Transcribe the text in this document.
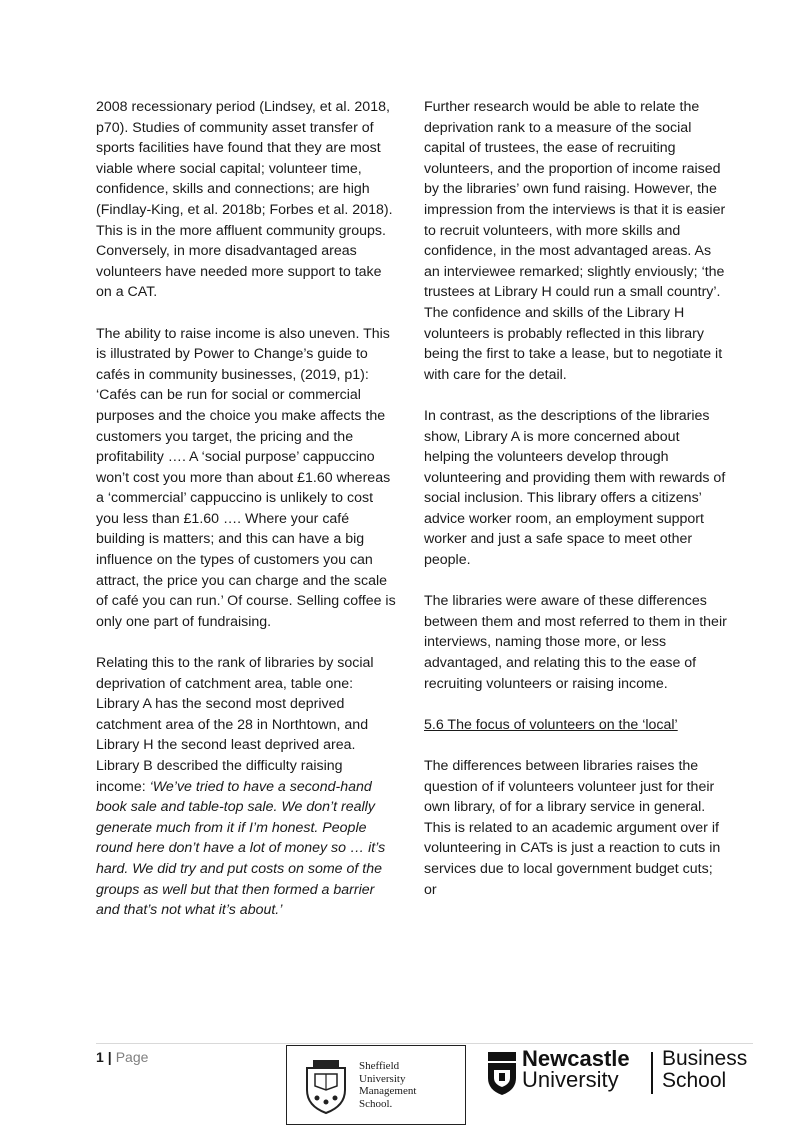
2008 recessionary period (Lindsey, et al. 2018, p70). Studies of community asset transfer of sports facilities have found that they are most viable where social capital; volunteer time, confidence, skills and connections; are high (Findlay-King, et al. 2018b; Forbes et al. 2018). This is in the more affluent community groups. Conversely, in more disadvantaged areas volunteers have needed more support to take on a CAT.

The ability to raise income is also uneven. This is illustrated by Power to Change’s guide to cafés in community businesses, (2019, p1): ‘Cafés can be run for social or commercial purposes and the choice you make affects the customers you target, the pricing and the profitability …. A ‘social purpose’ cappuccino won’t cost you more than about £1.60 whereas a ‘commercial’ cappuccino is unlikely to cost you less than £1.60 …. Where your café building is matters; and this can have a big influence on the types of customers you can attract, the price you can charge and the scale of café you can run.’ Of course. Selling coffee is only one part of fundraising.

Relating this to the rank of libraries by social deprivation of catchment area, table one: Library A has the second most deprived catchment area of the 28 in Northtown, and Library H the second least deprived area. Library B described the difficulty raising income: ‘We’ve tried to have a second-hand book sale and table-top sale. We don’t really generate much from it if I’m honest. People round here don’t have a lot of money so … it’s hard. We did try and put costs on some of the groups as well but that then formed a barrier and that’s not what it’s about.’

Further research would be able to relate the deprivation rank to a measure of the social capital of trustees, the ease of recruiting volunteers, and the proportion of income raised by the libraries’ own fund raising. However, the impression from the interviews is that it is easier to recruit volunteers, with more skills and confidence, in the most advantaged areas. As an interviewee remarked; slightly enviously; ‘the trustees at Library H could run a small country’. The confidence and skills of the Library H volunteers is probably reflected in this library being the first to take a lease, but to negotiate it with care for the detail.

In contrast, as the descriptions of the libraries show, Library A is more concerned about helping the volunteers develop through volunteering and providing them with rewards of social inclusion. This library offers a citizens’ advice worker room, an employment support worker and just a safe space to meet other people.

The libraries were aware of these differences between them and most referred to them in their interviews, naming those more, or less advantaged, and relating this to the ease of recruiting volunteers or raising income.

5.6 The focus of volunteers on the ‘local’

The differences between libraries raises the question of if volunteers volunteer just for their own library, of for a library service in general. This is related to an academic argument over if volunteering in CATs is just a reaction to cuts in services due to local government budget cuts; or

1 | Page
Sheffield
University
Management
School.
Newcastle
University
Business
School
